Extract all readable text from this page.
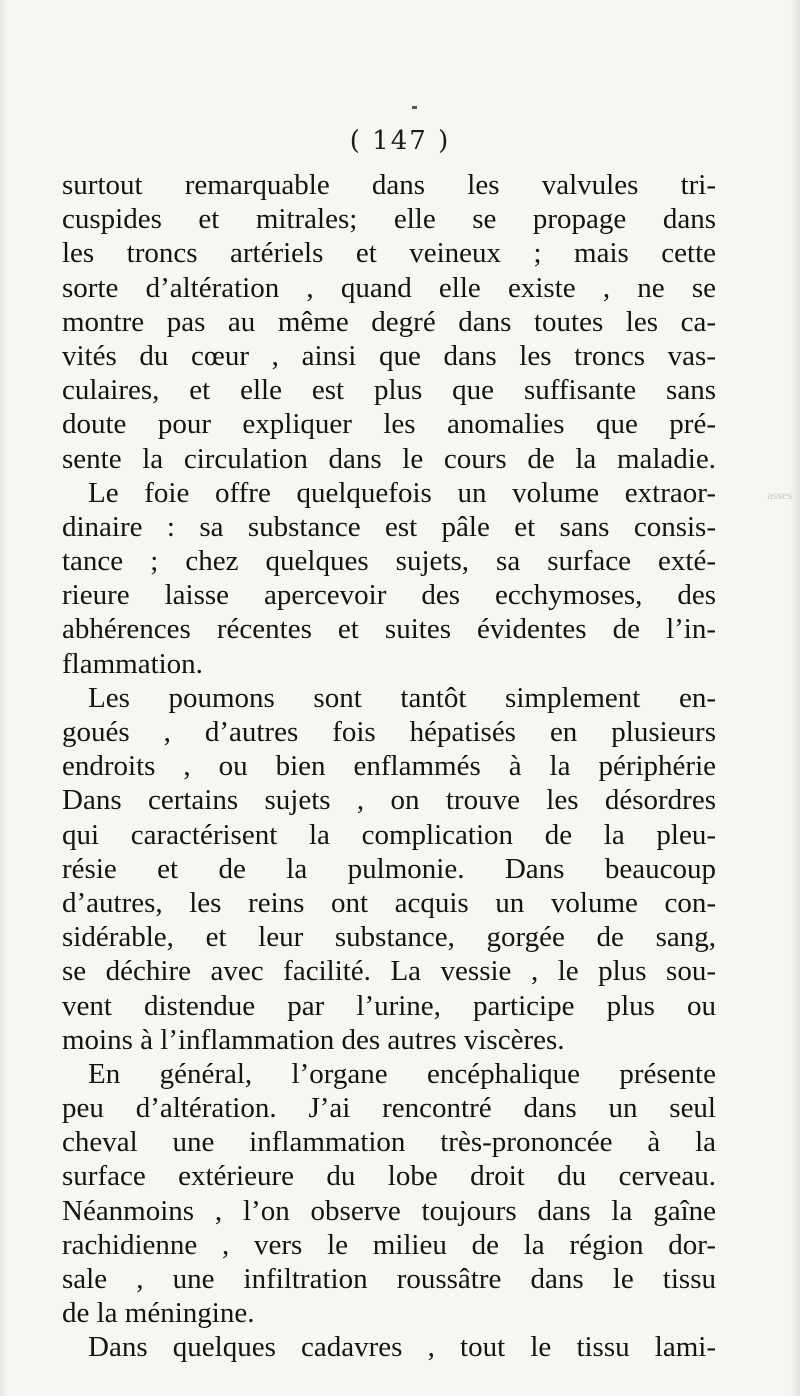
( 147 )
asses
surtout remarquable dans les valvules tri-
cuspides et mitrales; elle se propage dans
les troncs artériels et veineux ; mais cette
sorte d’altération , quand elle existe , ne se
montre pas au même degré dans toutes les ca-
vités du cœur , ainsi que dans les troncs vas-
culaires, et elle est plus que suffisante sans
doute pour expliquer les anomalies que pré-
sente la circulation dans le cours de la maladie.
Le foie offre quelquefois un volume extraor-
dinaire : sa substance est pâle et sans consis-
tance ; chez quelques sujets, sa surface exté-
rieure laisse apercevoir des ecchymoses, des
abhérences récentes et suites évidentes de l’in-
flammation.
Les poumons sont tantôt simplement en-
goués , d’autres fois hépatisés en plusieurs
endroits , ou bien enflammés à la périphérie
Dans certains sujets , on trouve les désordres
qui caractérisent la complication de la pleu-
résie et de la pulmonie. Dans beaucoup
d’autres, les reins ont acquis un volume con-
sidérable, et leur substance, gorgée de sang,
se déchire avec facilité. La vessie , le plus sou-
vent distendue par l’urine, participe plus ou
moins à l’inflammation des autres viscères.
En général, l’organe encéphalique présente
peu d’altération. J’ai rencontré dans un seul
cheval une inflammation très-prononcée à la
surface extérieure du lobe droit du cerveau.
Néanmoins , l’on observe toujours dans la gaîne
rachidienne , vers le milieu de la région dor-
sale , une infiltration roussâtre dans le tissu
de la méningine.
Dans quelques cadavres , tout le tissu lami-
